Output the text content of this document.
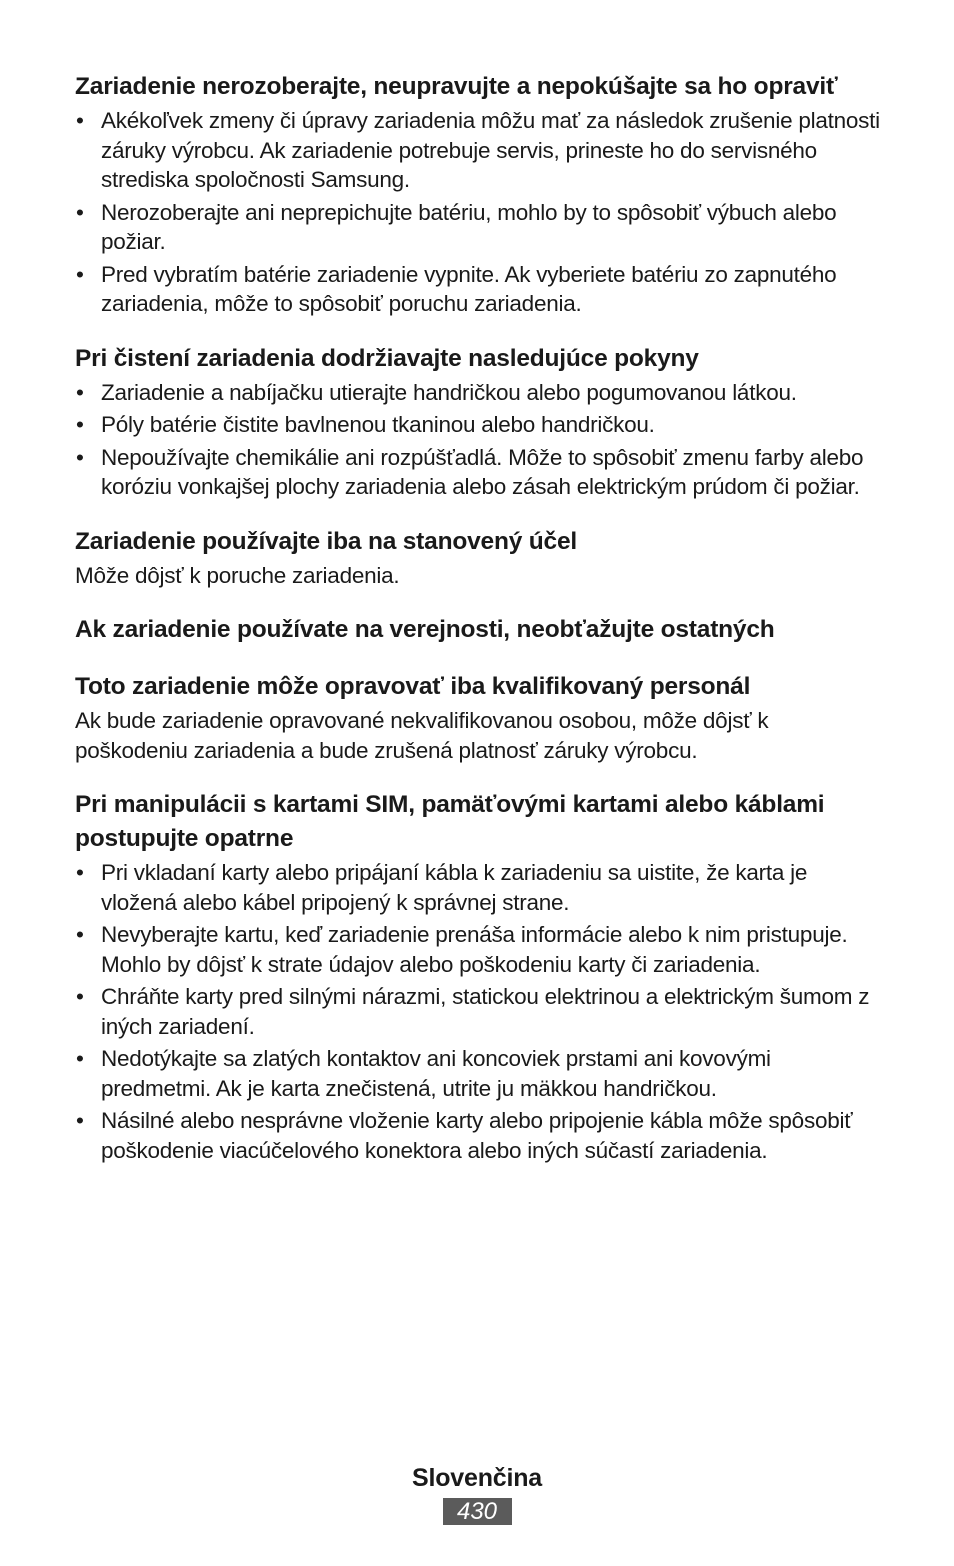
Zariadenie nerozoberajte, neupravujte a nepokúšajte sa ho opraviť
• Akékoľvek zmeny či úpravy zariadenia môžu mať za následok zrušenie platnosti záruky výrobcu. Ak zariadenie potrebuje servis, prineste ho do servisného strediska spoločnosti Samsung.
• Nerozoberajte ani neprepichujte batériu, mohlo by to spôsobiť výbuch alebo požiar.
• Pred vybratím batérie zariadenie vypnite. Ak vyberiete batériu zo zapnutého zariadenia, môže to spôsobiť poruchu zariadenia.
Pri čistení zariadenia dodržiavajte nasledujúce pokyny
• Zariadenie a nabíjačku utierajte handričkou alebo pogumovanou látkou.
• Póly batérie čistite bavlnenou tkaninou alebo handričkou.
• Nepoužívajte chemikálie ani rozpúšťadlá. Môže to spôsobiť zmenu farby alebo koróziu vonkajšej plochy zariadenia alebo zásah elektrickým prúdom či požiar.
Zariadenie používajte iba na stanovený účel

Môže dôjsť k poruche zariadenia.

Ak zariadenie používate na verejnosti, neobťažujte ostatných
Toto zariadenie môže opravovať iba kvalifikovaný personál

Ak bude zariadenie opravované nekvalifikovanou osobou, môže dôjsť k poškodeniu zariadenia a bude zrušená platnosť záruky výrobcu.

Pri manipulácii s kartami SIM, pamäťovými kartami alebo káblami postupujte opatrne
• Pri vkladaní karty alebo pripájaní kábla k zariadeniu sa uistite, že karta je vložená alebo kábel pripojený k správnej strane.
• Nevyberajte kartu, keď zariadenie prenáša informácie alebo k nim pristupuje. Mohlo by dôjsť k strate údajov alebo poškodeniu karty či zariadenia.
• Chráňte karty pred silnými nárazmi, statickou elektrinou a elektrickým šumom z iných zariadení.
• Nedotýkajte sa zlatých kontaktov ani koncoviek prstami ani kovovými predmetmi. Ak je karta znečistená, utrite ju mäkkou handričkou.
• Násilné alebo nesprávne vloženie karty alebo pripojenie kábla môže spôsobiť poškodenie viacúčelového konektora alebo iných súčastí zariadenia.
Slovenčina
430
